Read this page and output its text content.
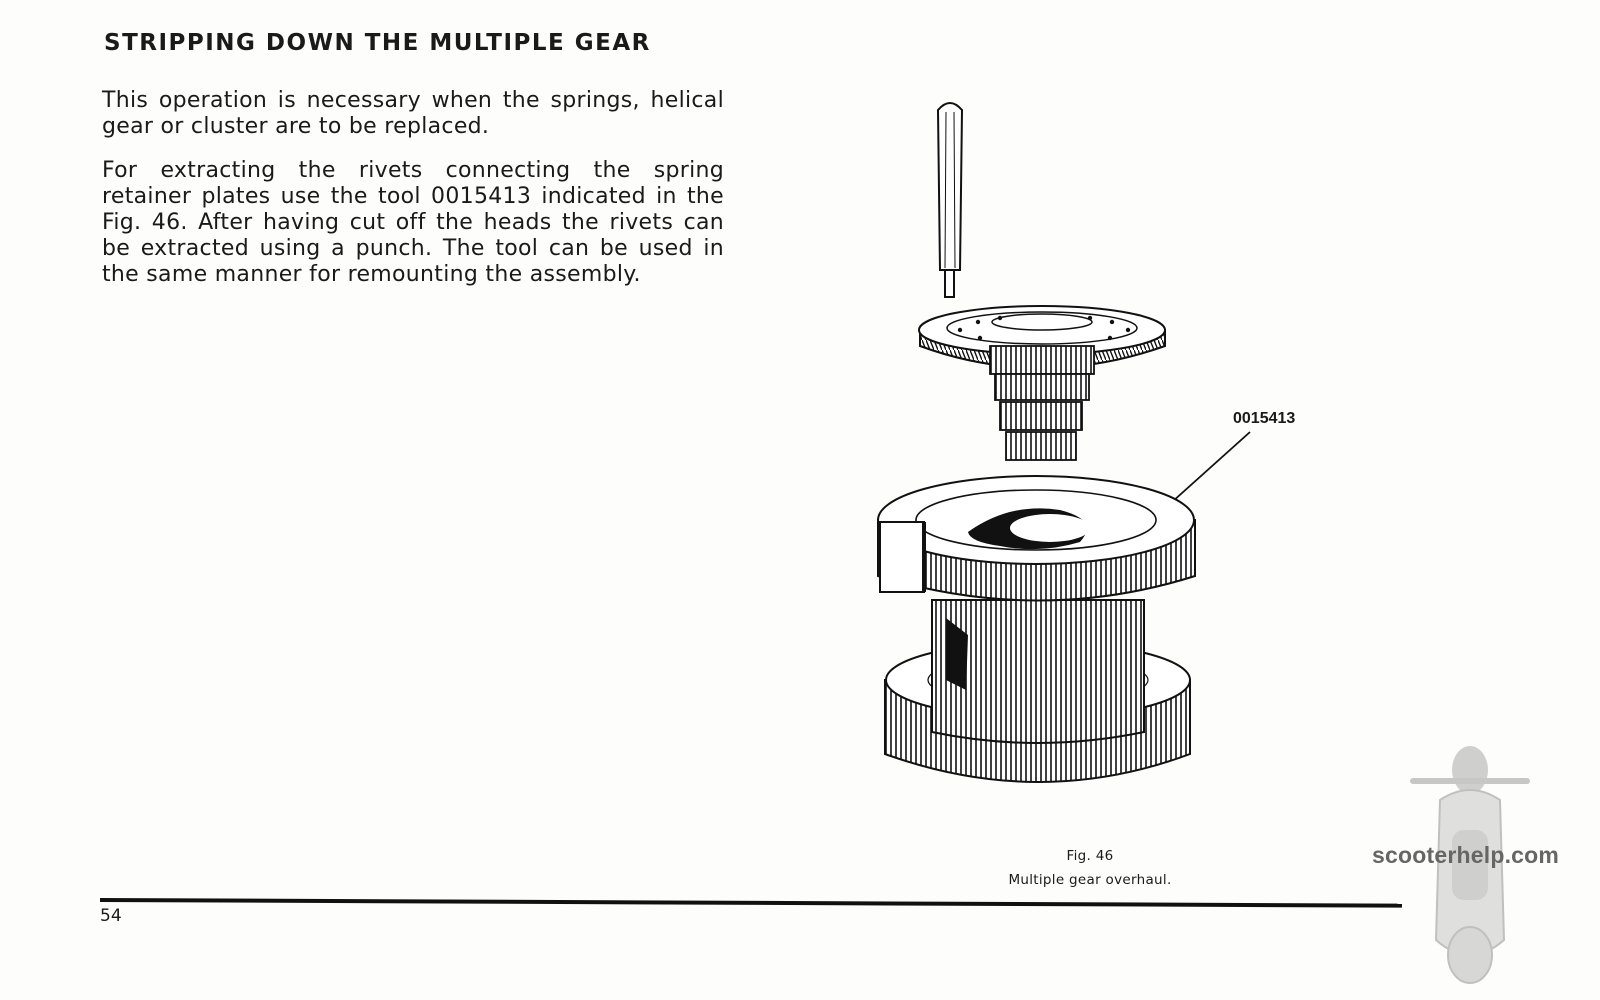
STRIPPING DOWN THE MULTIPLE GEAR

This operation is necessary when the springs, helical gear or cluster are to be replaced.

For extracting the rivets connecting the spring retainer plates use the tool 0015413 indicated in the Fig. 46. After having cut off the heads the rivets can be extracted using a punch. The tool can be used in the same manner for remounting the assembly.

0015413
Fig. 46
Multiple gear overhaul.
54
scooterhelp.com
